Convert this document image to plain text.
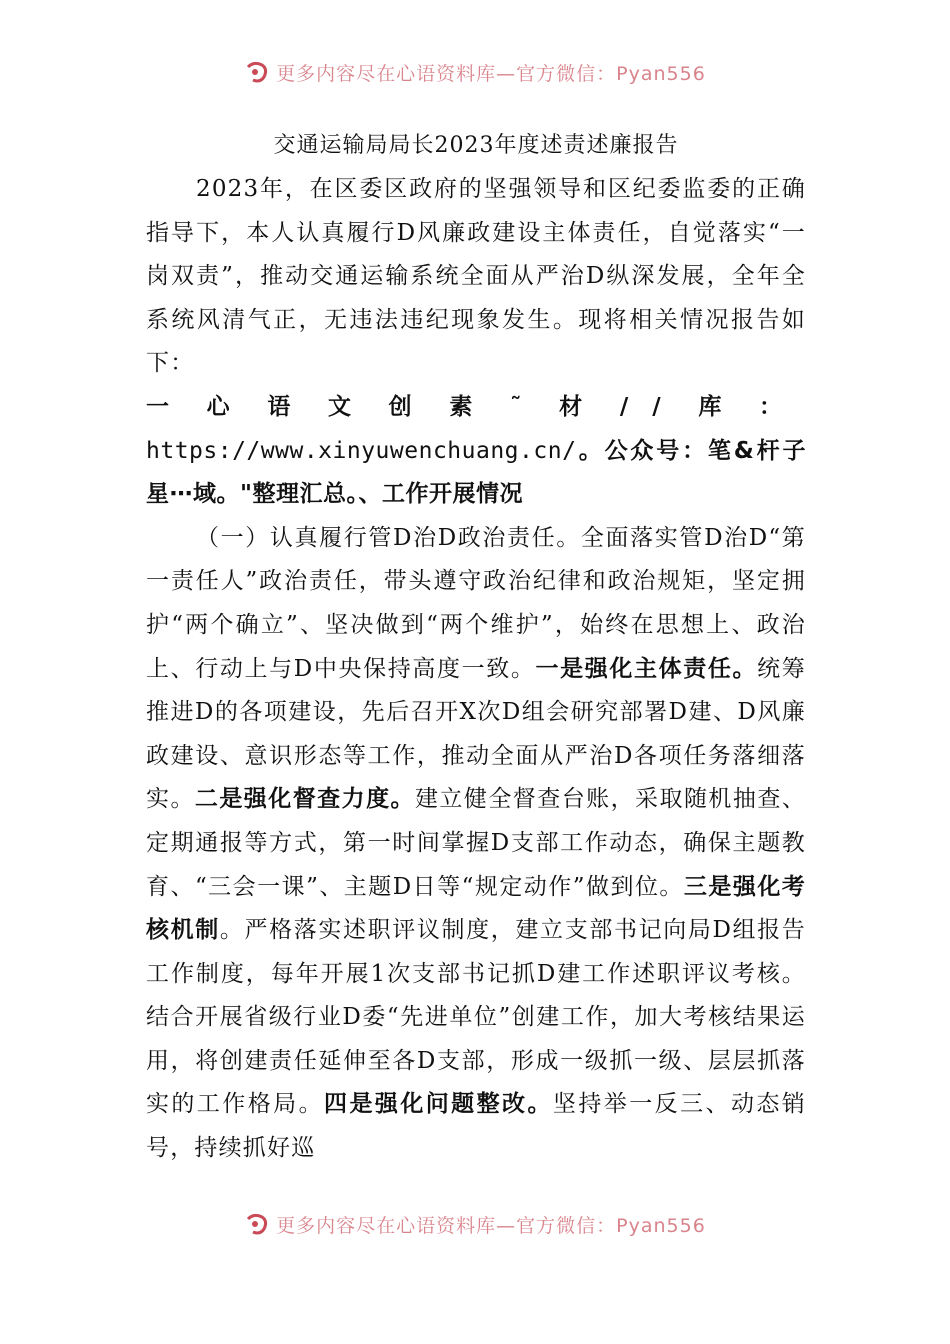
更多内容尽在心语资料库—官方微信：Pyan556

交通运输局局长2023年度述责述廉报告

2023年，在区委区政府的坚强领导和区纪委监委的正确指导下，本人认真履行D风廉政建设主体责任，自觉落实“一岗双责”，推动交通运输系统全面从严治D纵深发展，全年全系统风清气正，无违法违纪现象发生。现将相关情况报告如下：

一心语文创素˜材//库：https://www.xinyuwenchuang.cn/。公众号：笔&杆子星⋯域。"整理汇总。、工作开展情况

（一）认真履行管D治D政治责任。全面落实管D治D“第一责任人”政治责任，带头遵守政治纪律和政治规矩，坚定拥护“两个确立”、坚决做到“两个维护”，始终在思想上、政治上、行动上与D中央保持高度一致。一是强化主体责任。统筹推进D的各项建设，先后召开X次D组会研究部署D建、D风廉政建设、意识形态等工作，推动全面从严治D各项任务落细落实。二是强化督查力度。建立健全督查台账，采取随机抽查、定期通报等方式，第一时间掌握D支部工作动态，确保主题教育、“三会一课”、主题D日等“规定动作”做到位。三是强化考核机制。严格落实述职评议制度，建立支部书记向局D组报告工作制度，每年开展1次支部书记抓D建工作述职评议考核。结合开展省级行业D委“先进单位”创建工作，加大考核结果运用，将创建责任延伸至各D支部，形成一级抓一级、层层抓落实的工作格局。四是强化问题整改。坚持举一反三、动态销号，持续抓好巡

更多内容尽在心语资料库—官方微信：Pyan556
